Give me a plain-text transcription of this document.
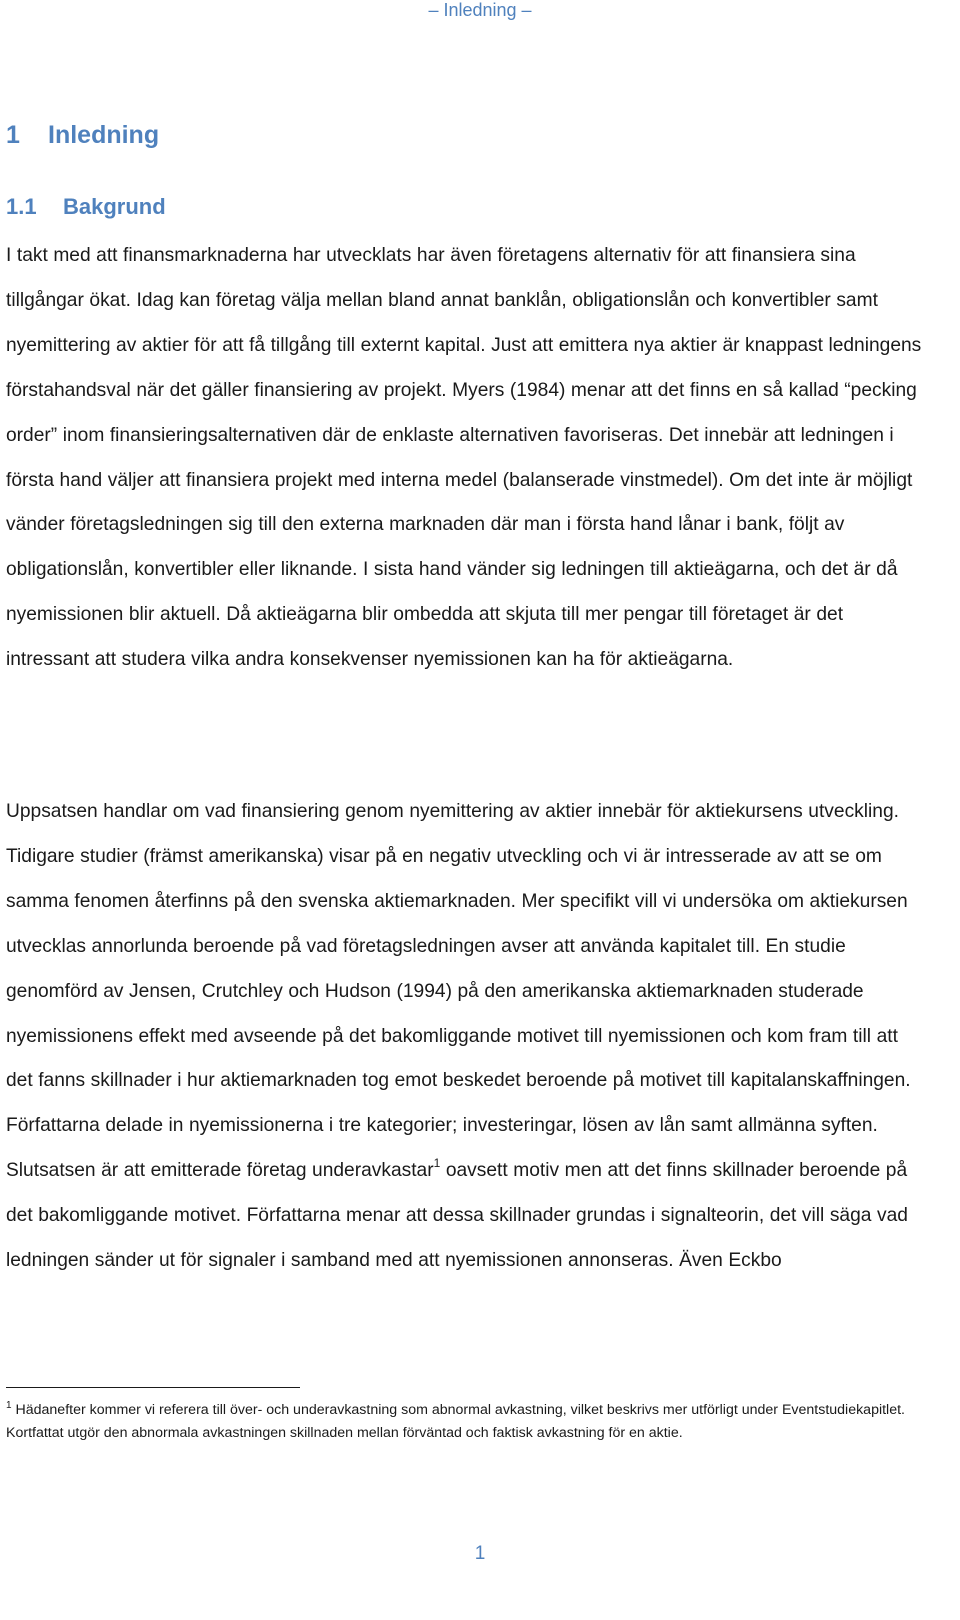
– Inledning –
1 Inledning
1.1 Bakgrund

I takt med att finansmarknaderna har utvecklats har även företagens alternativ för att finansiera sina tillgångar ökat. Idag kan företag välja mellan bland annat banklån, obligationslån och konvertibler samt nyemittering av aktier för att få tillgång till externt kapital. Just att emittera nya aktier är knappast ledningens förstahandsval när det gäller finansiering av projekt. Myers (1984) menar att det finns en så kallad “pecking order” inom finansieringsalternativen där de enklaste alternativen favoriseras. Det innebär att ledningen i första hand väljer att finansiera projekt med interna medel (balanserade vinstmedel). Om det inte är möjligt vänder företagsledningen sig till den externa marknaden där man i första hand lånar i bank, följt av obligationslån, konvertibler eller liknande. I sista hand vänder sig ledningen till aktieägarna, och det är då nyemissionen blir aktuell. Då aktieägarna blir ombedda att skjuta till mer pengar till företaget är det intressant att studera vilka andra konsekvenser nyemissionen kan ha för aktieägarna.

Uppsatsen handlar om vad finansiering genom nyemittering av aktier innebär för aktiekursens utveckling. Tidigare studier (främst amerikanska) visar på en negativ utveckling och vi är intresserade av att se om samma fenomen återfinns på den svenska aktiemarknaden. Mer specifikt vill vi undersöka om aktiekursen utvecklas annorlunda beroende på vad företagsledningen avser att använda kapitalet till. En studie genomförd av Jensen, Crutchley och Hudson (1994) på den amerikanska aktiemarknaden studerade nyemissionens effekt med avseende på det bakomliggande motivet till nyemissionen och kom fram till att det fanns skillnader i hur aktiemarknaden tog emot beskedet beroende på motivet till kapitalanskaffningen. Författarna delade in nyemissionerna i tre kategorier; investeringar, lösen av lån samt allmänna syften. Slutsatsen är att emitterade företag underavkastar$^1$ oavsett motiv men att det finns skillnader beroende på det bakomliggande motivet. Författarna menar att dessa skillnader grundas i signalteorin, det vill säga vad ledningen sänder ut för signaler i samband med att nyemissionen annonseras. Även Eckbo

$^1$ Hädanefter kommer vi referera till över- och underavkastning som abnormal avkastning, vilket beskrivs mer utförligt under Eventstudiekapitlet. Kortfattat utgör den abnormala avkastningen skillnaden mellan förväntad och faktisk avkastning för en aktie.

1
